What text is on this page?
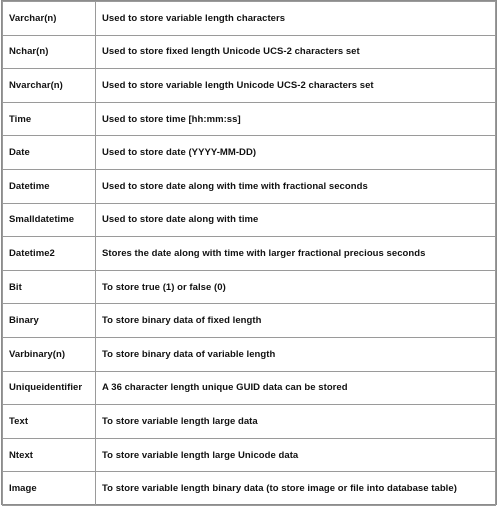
Varchar(n)	Used to store variable length characters
Nchar(n)	Used to store fixed length Unicode UCS-2 characters set
Nvarchar(n)	Used to store variable length Unicode UCS-2 characters set
Time	Used to store time [hh:mm:ss]
Date	Used to store date (YYYY-MM-DD)
Datetime	Used to store date along with time with fractional seconds
Smalldatetime	Used to store date along with time
Datetime2	Stores the date along with time with larger fractional precious seconds
Bit	To store true (1) or false (0)
Binary	To store binary data of fixed length
Varbinary(n)	To store binary data of variable length
Uniqueidentifier	A 36 character length unique GUID data can be stored
Text	To store variable length large data
Ntext	To store variable length large Unicode data
Image	To store variable length binary data (to store image or file into database table)
